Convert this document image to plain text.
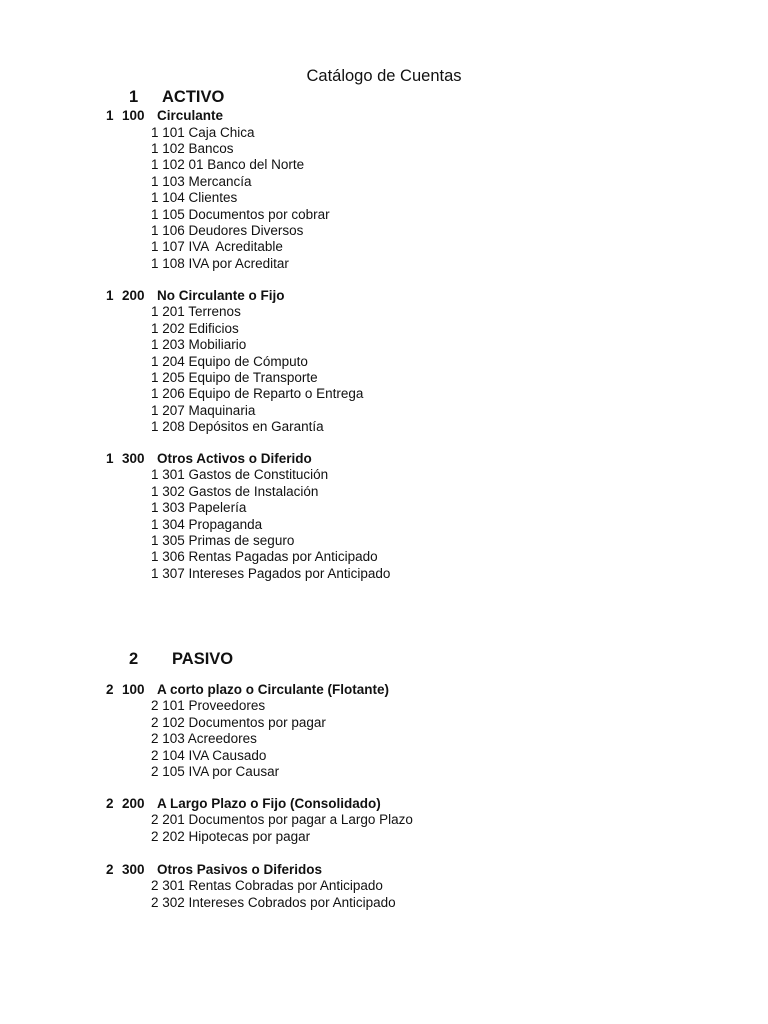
Catálogo de Cuentas
1 ACTIVO
1 100 Circulante
1 101 Caja Chica
1 102 Bancos
1 102 01 Banco del Norte
1 103 Mercancía
1 104 Clientes
1 105 Documentos por cobrar
1 106 Deudores Diversos
1 107 IVA  Acreditable
1 108 IVA por Acreditar
1 200 No Circulante o Fijo
1 201 Terrenos
1 202 Edificios
1 203 Mobiliario
1 204 Equipo de Cómputo
1 205 Equipo de Transporte
1 206 Equipo de Reparto o Entrega
1 207 Maquinaria
1 208 Depósitos en Garantía
1 300 Otros Activos o Diferido
1 301 Gastos de Constitución
1 302 Gastos de Instalación
1 303 Papelería
1 304 Propaganda
1 305 Primas de seguro
1 306 Rentas Pagadas por Anticipado
1 307 Intereses Pagados por Anticipado
2 PASIVO
2 100 A corto plazo o Circulante (Flotante)
2 101 Proveedores
2 102 Documentos por pagar
2 103 Acreedores
2 104 IVA Causado
2 105 IVA por Causar
2 200 A Largo Plazo o Fijo (Consolidado)
2 201 Documentos por pagar a Largo Plazo
2 202 Hipotecas por pagar
2 300 Otros Pasivos o Diferidos
2 301 Rentas Cobradas por Anticipado
2 302 Intereses Cobrados por Anticipado
